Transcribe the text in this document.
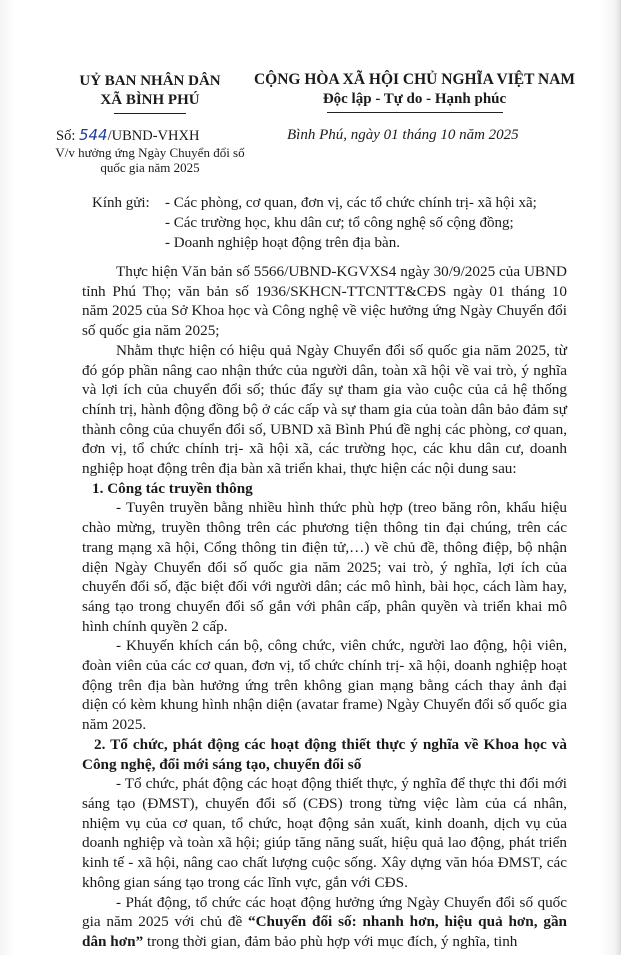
UỶ BAN NHÂN DÂN
XÃ BÌNH PHÚ
CỘNG HÒA XÃ HỘI CHỦ NGHĨA VIỆT NAM
Độc lập - Tự do - Hạnh phúc
Số: 544/UBND-VHXH
V/v hưởng ứng Ngày Chuyển đổi số
quốc gia năm 2025
Bình Phú, ngày 01 tháng 10 năm 2025
Kính gửi: - Các phòng, cơ quan, đơn vị, các tổ chức chính trị- xã hội xã;
- Các trường học, khu dân cư; tổ công nghệ số cộng đồng;
- Doanh nghiệp hoạt động trên địa bàn.

Thực hiện Văn bản số 5566/UBND-KGVXS4 ngày 30/9/2025 của UBND tỉnh Phú Thọ; văn bản số 1936/SKHCN-TTCNTT&CĐS ngày 01 tháng 10 năm 2025 của Sở Khoa học và Công nghệ về việc hưởng ứng Ngày Chuyển đổi số quốc gia năm 2025;

Nhằm thực hiện có hiệu quả Ngày Chuyển đổi số quốc gia năm 2025, từ đó góp phần nâng cao nhận thức của người dân, toàn xã hội về vai trò, ý nghĩa và lợi ích của chuyển đổi số; thúc đẩy sự tham gia vào cuộc của cả hệ thống chính trị, hành động đồng bộ ở các cấp và sự tham gia của toàn dân bảo đảm sự thành công của chuyển đổi số, UBND xã Bình Phú đề nghị các phòng, cơ quan, đơn vị, tổ chức chính trị- xã hội xã, các trường học, các khu dân cư, doanh nghiệp hoạt động trên địa bàn xã triển khai, thực hiện các nội dung sau:

1. Công tác truyền thông

- Tuyên truyền bằng nhiều hình thức phù hợp (treo băng rôn, khẩu hiệu chào mừng, truyền thông trên các phương tiện thông tin đại chúng, trên các trang mạng xã hội, Cổng thông tin điện tử,…) về chủ đề, thông điệp, bộ nhận diện Ngày Chuyển đổi số quốc gia năm 2025; vai trò, ý nghĩa, lợi ích của chuyển đổi số, đặc biệt đối với người dân; các mô hình, bài học, cách làm hay, sáng tạo trong chuyển đổi số gắn với phân cấp, phân quyền và triển khai mô hình chính quyền 2 cấp.

- Khuyến khích cán bộ, công chức, viên chức, người lao động, hội viên, đoàn viên của các cơ quan, đơn vị, tổ chức chính trị- xã hội, doanh nghiệp hoạt động trên địa bàn hưởng ứng trên không gian mạng bằng cách thay ảnh đại diện có kèm khung hình nhận diện (avatar frame) Ngày Chuyển đổi số quốc gia năm 2025.

2. Tổ chức, phát động các hoạt động thiết thực ý nghĩa về Khoa học và Công nghệ, đổi mới sáng tạo, chuyển đổi số

- Tổ chức, phát động các hoạt động thiết thực, ý nghĩa để thực thi đổi mới sáng tạo (ĐMST), chuyển đổi số (CĐS) trong từng việc làm của cá nhân, nhiệm vụ của cơ quan, tổ chức, hoạt động sản xuất, kinh doanh, dịch vụ của doanh nghiệp và toàn xã hội; giúp tăng năng suất, hiệu quả lao động, phát triển kinh tế - xã hội, nâng cao chất lượng cuộc sống. Xây dựng văn hóa ĐMST, các không gian sáng tạo trong các lĩnh vực, gắn với CĐS.

- Phát động, tổ chức các hoạt động hưởng ứng Ngày Chuyển đổi số quốc gia năm 2025 với chủ đề “Chuyển đổi số: nhanh hơn, hiệu quả hơn, gần dân hơn” trong thời gian, đảm bảo phù hợp với mục đích, ý nghĩa, tinh
